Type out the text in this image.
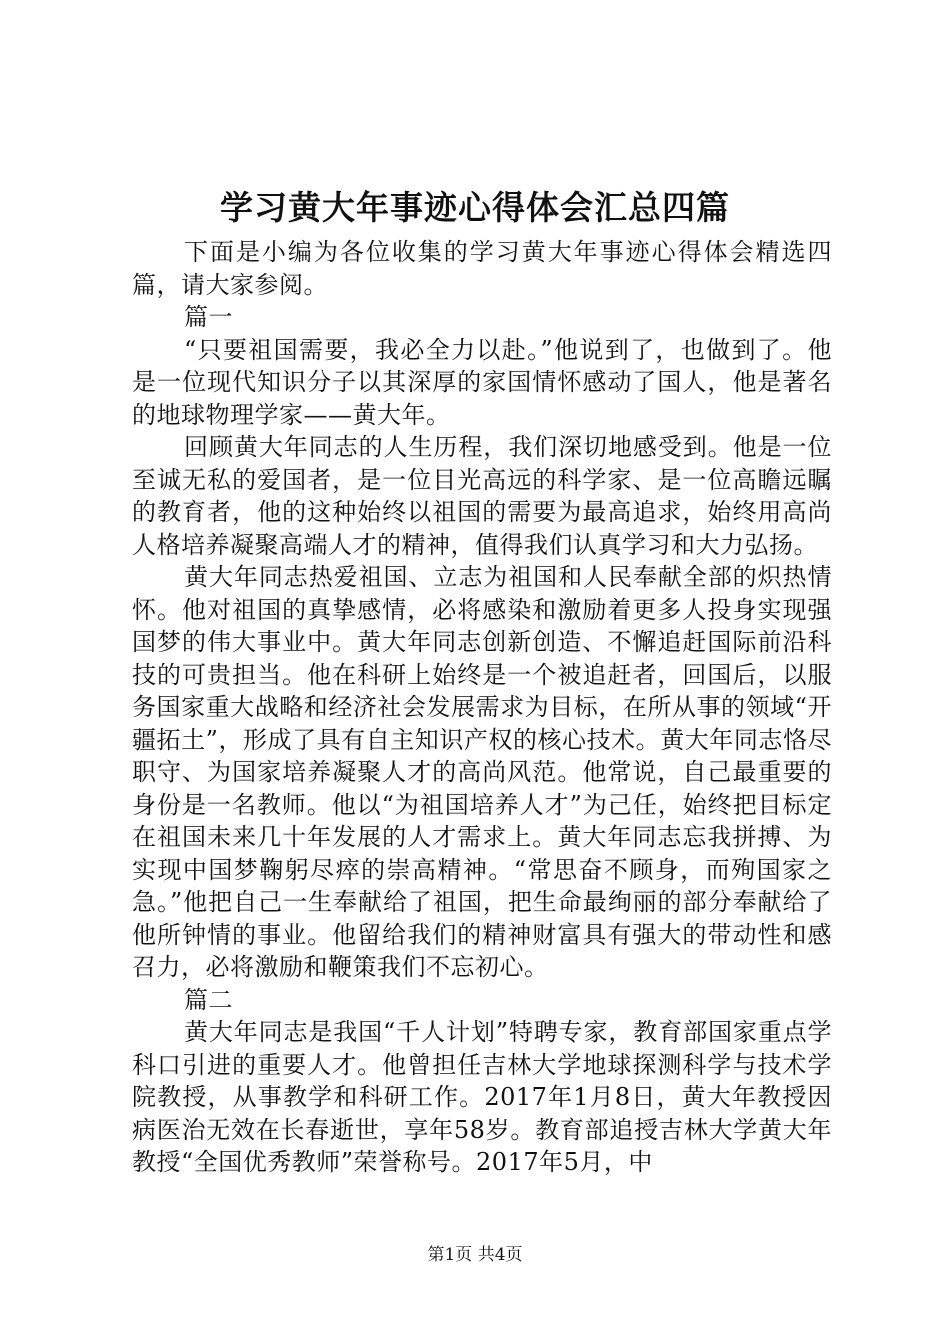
学习黄大年事迹心得体会汇总四篇

下面是小编为各位收集的学习黄大年事迹心得体会精选四篇，请大家参阅。

篇一

“只要祖国需要，我必全力以赴。”他说到了，也做到了。他是一位现代知识分子以其深厚的家国情怀感动了国人，他是著名的地球物理学家——黄大年。

回顾黄大年同志的人生历程，我们深切地感受到。他是一位至诚无私的爱国者，是一位目光高远的科学家、是一位高瞻远瞩的教育者，他的这种始终以祖国的需要为最高追求，始终用高尚人格培养凝聚高端人才的精神，值得我们认真学习和大力弘扬。

黄大年同志热爱祖国、立志为祖国和人民奉献全部的炽热情怀。他对祖国的真挚感情，必将感染和激励着更多人投身实现强国梦的伟大事业中。黄大年同志创新创造、不懈追赶国际前沿科技的可贵担当。他在科研上始终是一个被追赶者，回国后，以服务国家重大战略和经济社会发展需求为目标，在所从事的领域“开疆拓土”，形成了具有自主知识产权的核心技术。黄大年同志恪尽职守、为国家培养凝聚人才的高尚风范。他常说，自己最重要的身份是一名教师。他以“为祖国培养人才”为己任，始终把目标定在祖国未来几十年发展的人才需求上。黄大年同志忘我拼搏、为实现中国梦鞠躬尽瘁的崇高精神。“常思奋不顾身，而殉国家之急。”他把自己一生奉献给了祖国，把生命最绚丽的部分奉献给了他所钟情的事业。他留给我们的精神财富具有强大的带动性和感召力，必将激励和鞭策我们不忘初心。

篇二

黄大年同志是我国“千人计划”特聘专家，教育部国家重点学科口引进的重要人才。他曾担任吉林大学地球探测科学与技术学院教授，从事教学和科研工作。2017年1月8日，黄大年教授因病医治无效在长春逝世，享年58岁。教育部追授吉林大学黄大年教授“全国优秀教师”荣誉称号。2017年5月，中

第1页 共4页
